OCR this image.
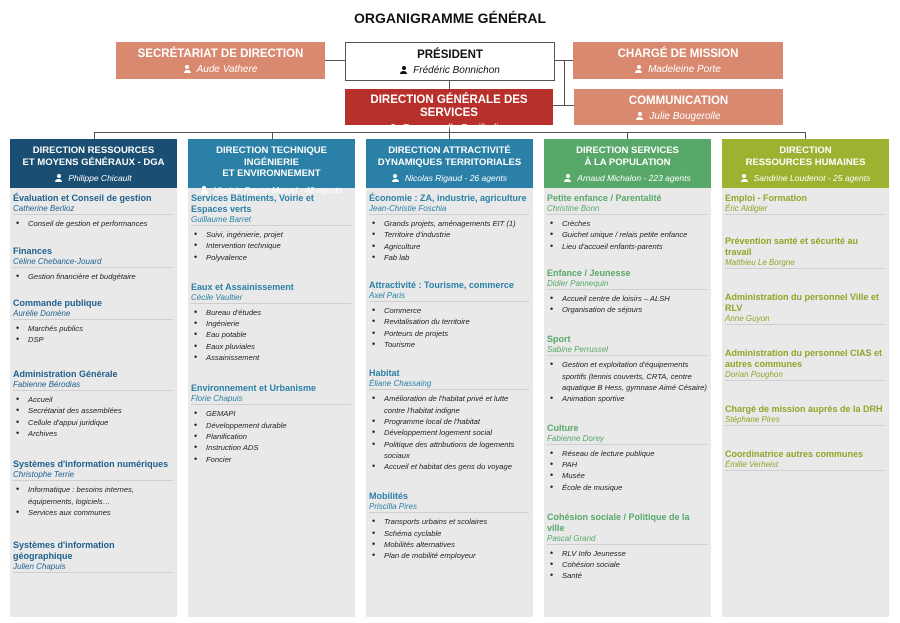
ORGANIGRAMME GÉNÉRAL
SECRÉTARIAT DE DIRECTION
Aude Vathere
PRÉSIDENT
Frédéric Bonnichon
CHARGÉ DE MISSION
Madeleine Porte
DIRECTION GÉNÉRALE DES SERVICES
Emmanuelle Fouilladieu
COMMUNICATION
Julie Bougerolle
DIRECTION RESSOURCES
ET MOYENS GÉNÉRAUX - DGA
Philippe Chicault
Évaluation et Conseil de gestion
Catherine Berlioz
• Conseil de gestion et performances
Finances
Céline Chebance-Jouard
• Gestion financière et budgétaire
Commande publique
Aurélie Domène
• Marchés publics
• DSP
Administration Générale
Fabienne Bérodias
• Accueil
• Secrétariat des assemblées
• Cellule d'appui juridique
• Archives
Systèmes d'information numériques
Christophe Terrie
• Informatique : besoins internes, équipements, logiciels…
• Services aux communes
Systèmes d'information géographique
Julien Chapuis
DIRECTION TECHNIQUE INGÉNIERIE
ET ENVIRONNEMENT
Virginie Peyrot-Marcel - 46 agents
Services Bâtiments, Voirie et Espaces verts
Guillaume Barret
• Suivi, ingénierie, projet
• Intervention technique
• Polyvalence
Eaux et Assainissement
Cécile Vaultier
• Bureau d'études
• Ingénierie
• Eau potable
• Eaux pluviales
• Assainissement
Environnement et Urbanisme
Florie Chapuis
• GEMAPI
• Développement durable
• Planification
• Instruction ADS
• Foncier
DIRECTION ATTRACTIVITÉ
DYNAMIQUES TERRITORIALES
Nicolas Rigaud - 26 agents
Économie : ZA, industrie, agriculture
Jean-Christie Foschia
• Grands projets, aménagements EIT (1)
• Territoire d'industrie
• Agriculture
• Fab lab
Attractivité : Tourisme, commerce
Axel Paris
• Commerce
• Revitalisation du territoire
• Porteurs de projets
• Tourisme
Habitat
Éliane Chassaing
• Amélioration de l'habitat privé et lutte contre l'habitat indigne
• Programme local de l'habitat
• Développement logement social
• Politique des attributions de logements sociaux
• Accueil et habitat des gens du voyage
Mobilités
Priscilla Pires
• Transports urbains et scolaires
• Schéma cyclable
• Mobilités alternatives
• Plan de mobilité employeur
DIRECTION SERVICES
À LA POPULATION
Arnaud Michalon - 223 agents
Petite enfance / Parentalité
Christine Bonn
• Crèches
• Guichet unique / relais petite enfance
• Lieu d'accueil enfants-parents
Enfance / Jeunesse
Didier Pannequin
• Accueil centre de loisirs – ALSH
• Organisation de séjours
Sport
Sabine Perrussel
• Gestion et exploitation d'équipements sportifs (tennis couverts, CRTA, centre aquatique B Hess, gymnase Aimé Césaire)
• Animation sportive
Culture
Fabienne Dorey
• Réseau de lecture publique
• PAH
• Musée
• École de musique
Cohésion sociale / Politique de la ville
Pascal Grand
• RLV Info Jeunesse
• Cohésion sociale
• Santé
DIRECTION
RESSOURCES HUMAINES
Sandrine Loudenot - 25 agents
Emploi - Formation
Éric Aldigier
Prévention santé et sécurité au travail
Matthieu Le Borgne
Administration du personnel Ville et RLV
Anne Guyon
Administration du personnel CIAS et autres communes
Dorian Poughon
Chargé de mission auprès de la DRH
Stéphane Pires
Coordinatrice autres communes
Émilie Verheist
